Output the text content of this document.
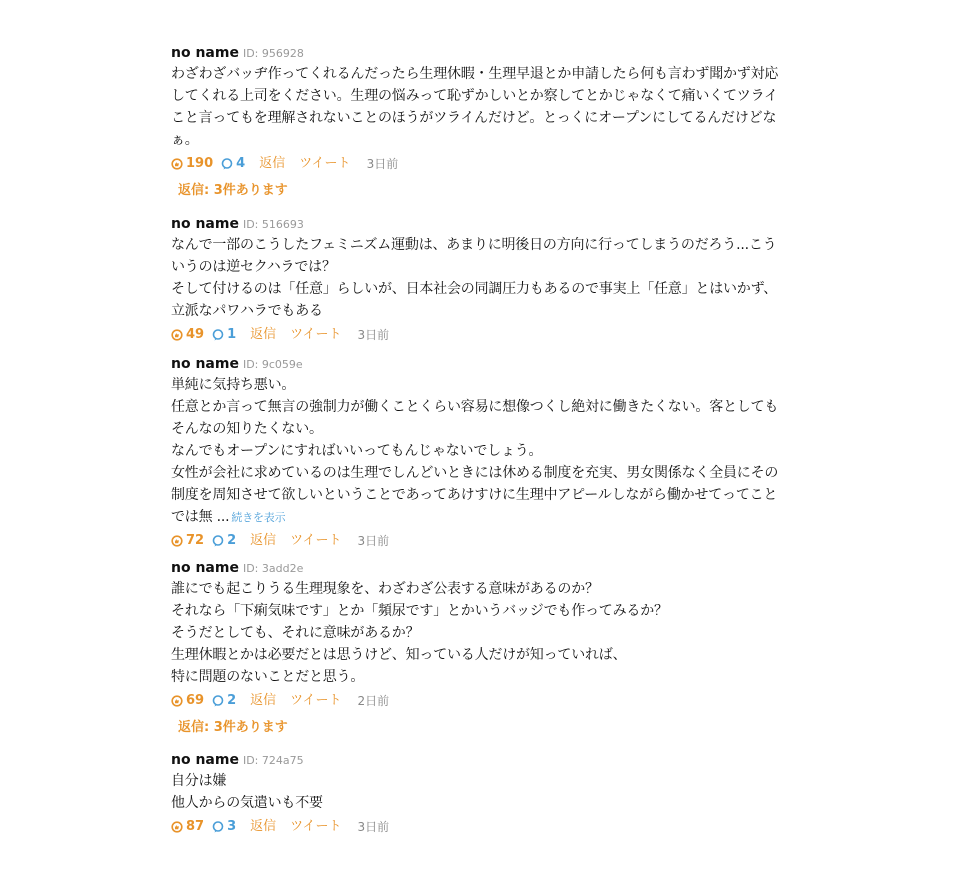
no name ID: 956928
わざわざバッヂ作ってくれるんだったら生理休暇・生理早退とか申請したら何も言わず聞かず対応
してくれる上司をください。生理の悩みって恥ずかしいとか察してとかじゃなくて痛いくてツライ
こと言ってもを理解されないことのほうがツライんだけど。とっくにオープンにしてるんだけどな
ぁ。
190 4 返信 ツイート 3日前
返信: 3件あります
no name ID: 516693
なんで一部のこうしたフェミニズム運動は、あまりに明後日の方向に行ってしまうのだろう...こう
いうのは逆セクハラでは？
そして付けるのは「任意」らしいが、日本社会の同調圧力もあるので事実上「任意」とはいかず、
立派なパワハラでもある
49 1 返信 ツイート 3日前
no name ID: 9c059e
単純に気持ち悪い。
任意とか言って無言の強制力が働くことくらい容易に想像つくし絶対に働きたくない。客としても
そんなの知りたくない。
なんでもオープンにすればいいってもんじゃないでしょう。
女性が会社に求めているのは生理でしんどいときには休める制度を充実、男女関係なく全員にその
制度を周知させて欲しいということであってあけすけに生理中アピールしながら働かせてってこと
では無 ... 続きを表示
72 2 返信 ツイート 3日前
no name ID: 3add2e
誰にでも起こりうる生理現象を、わざわざ公表する意味があるのか？
それなら「下痢気味です」とか「頻尿です」とかいうバッジでも作ってみるか？
そうだとしても、それに意味があるか？
生理休暇とかは必要だとは思うけど、知っている人だけが知っていれば、
特に問題のないことだと思う。
69 2 返信 ツイート 2日前
返信: 3件あります
no name ID: 724a75
自分は嫌
他人からの気遣いも不要
87 3 返信 ツイート 3日前
